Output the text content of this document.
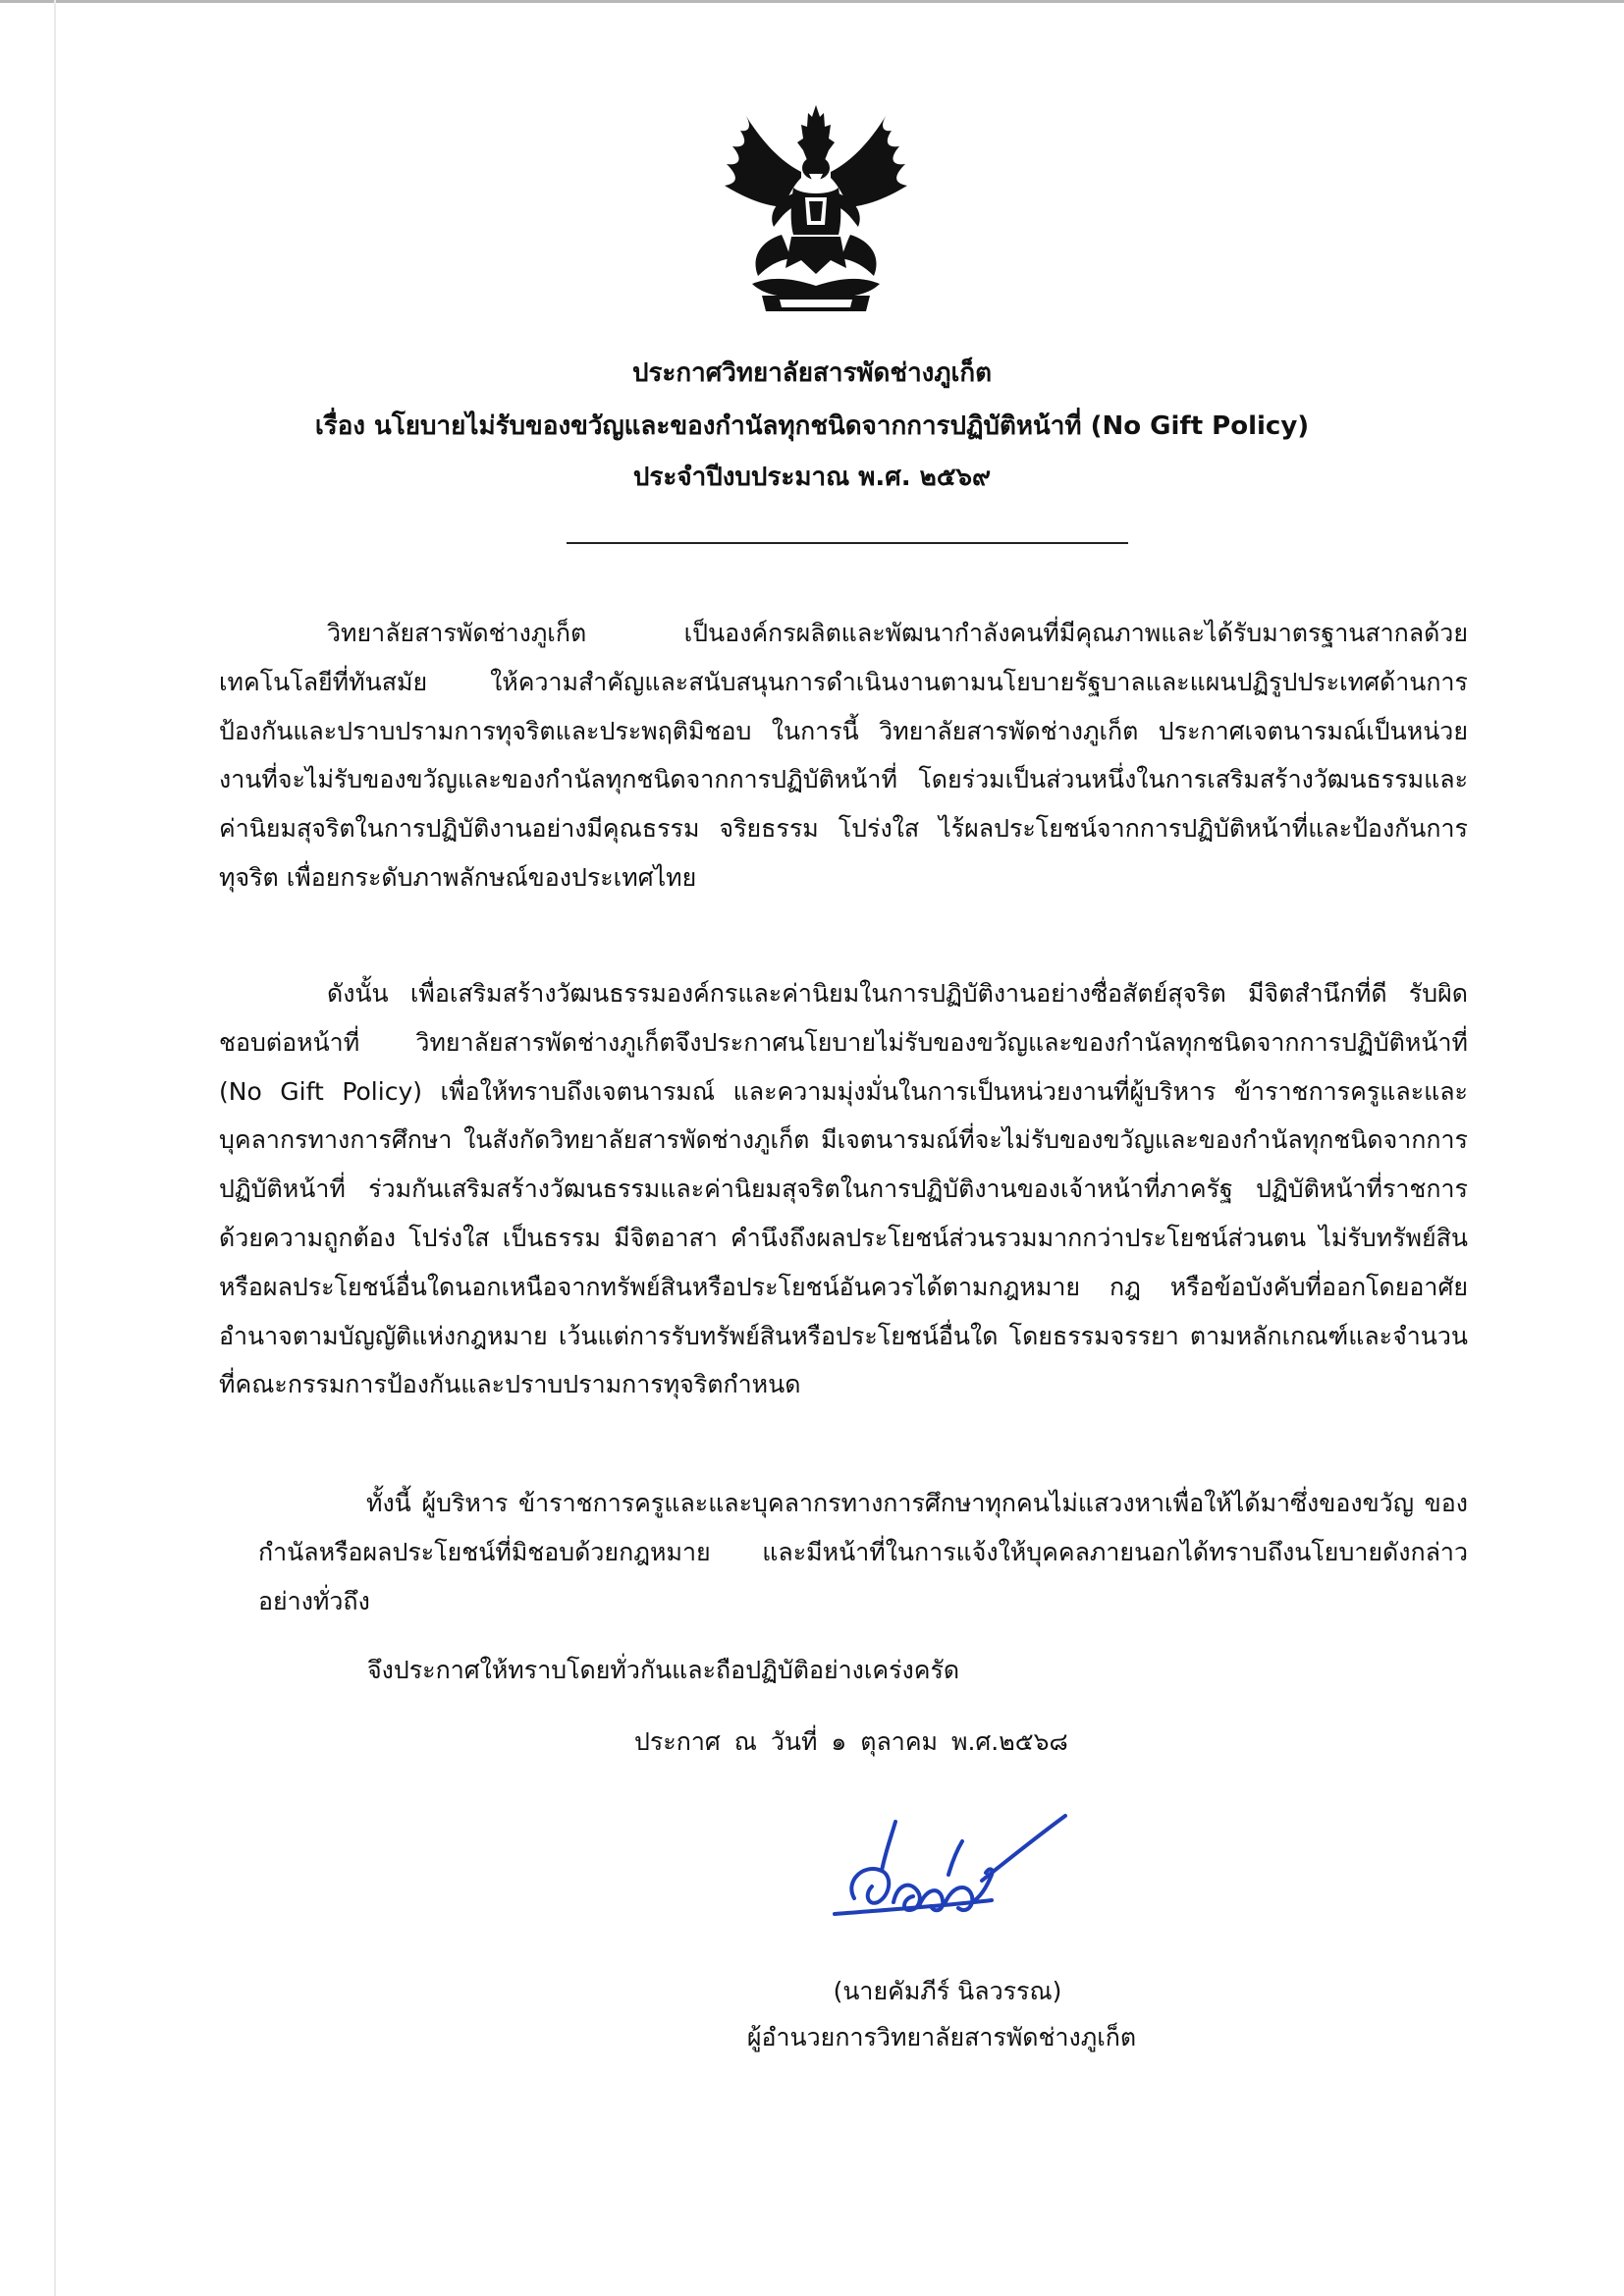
ประกาศวิทยาลัยสารพัดช่างภูเก็ต
เรื่อง นโยบายไม่รับของขวัญและของกำนัลทุกชนิดจากการปฏิบัติหน้าที่ (No Gift Policy)
ประจำปีงบประมาณ พ.ศ. ๒๕๖๙
วิทยาลัยสารพัดช่างภูเก็ต เป็นองค์กรผลิตและพัฒนากำลังคนที่มีคุณภาพและได้รับมาตรฐานสากลด้วยเทคโนโลยีที่ทันสมัย ให้ความสำคัญและสนับสนุนการดำเนินงานตามนโยบายรัฐบาลและแผนปฏิรูปประเทศด้านการป้องกันและปราบปรามการทุจริตและประพฤติมิชอบ ในการนี้ วิทยาลัยสารพัดช่างภูเก็ต ประกาศเจตนารมณ์เป็นหน่วยงานที่จะไม่รับของขวัญและของกำนัลทุกชนิดจากการปฏิบัติหน้าที่ โดยร่วมเป็นส่วนหนึ่งในการเสริมสร้างวัฒนธรรมและค่านิยมสุจริตในการปฏิบัติงานอย่างมีคุณธรรม จริยธรรม โปร่งใส ไร้ผลประโยชน์จากการปฏิบัติหน้าที่และป้องกันการทุจริต เพื่อยกระดับภาพลักษณ์ของประเทศไทย
ดังนั้น เพื่อเสริมสร้างวัฒนธรรมองค์กรและค่านิยมในการปฏิบัติงานอย่างซื่อสัตย์สุจริต มีจิตสำนึกที่ดี รับผิดชอบต่อหน้าที่ วิทยาลัยสารพัดช่างภูเก็ตจึงประกาศนโยบายไม่รับของขวัญและของกำนัลทุกชนิดจากการปฏิบัติหน้าที่ (No Gift Policy) เพื่อให้ทราบถึงเจตนารมณ์ และความมุ่งมั่นในการเป็นหน่วยงานที่ผู้บริหาร ข้าราชการครูและและบุคลากรทางการศึกษา ในสังกัดวิทยาลัยสารพัดช่างภูเก็ต มีเจตนารมณ์ที่จะไม่รับของขวัญและของกำนัลทุกชนิดจากการปฏิบัติหน้าที่ ร่วมกันเสริมสร้างวัฒนธรรมและค่านิยมสุจริตในการปฏิบัติงานของเจ้าหน้าที่ภาครัฐ ปฏิบัติหน้าที่ราชการด้วยความถูกต้อง โปร่งใส เป็นธรรม มีจิตอาสา คำนึงถึงผลประโยชน์ส่วนรวมมากกว่าประโยชน์ส่วนตน ไม่รับทรัพย์สินหรือผลประโยชน์อื่นใดนอกเหนือจากทรัพย์สินหรือประโยชน์อันควรได้ตามกฎหมาย กฎ หรือข้อบังคับที่ออกโดยอาศัยอำนาจตามบัญญัติแห่งกฎหมาย เว้นแต่การรับทรัพย์สินหรือประโยชน์อื่นใด โดยธรรมจรรยา ตามหลักเกณฑ์และจำนวนที่คณะกรรมการป้องกันและปราบปรามการทุจริตกำหนด
ทั้งนี้ ผู้บริหาร ข้าราชการครูและและบุคลากรทางการศึกษาทุกคนไม่แสวงหาเพื่อให้ได้มาซึ่งของขวัญ ของกำนัลหรือผลประโยชน์ที่มิชอบด้วยกฎหมาย และมีหน้าที่ในการแจ้งให้บุคคลภายนอกได้ทราบถึงนโยบายดังกล่าวอย่างทั่วถึง
จึงประกาศให้ทราบโดยทั่วกันและถือปฏิบัติอย่างเคร่งครัด
ประกาศ ณ วันที่ ๑ ตุลาคม พ.ศ.๒๕๖๘
(นายคัมภีร์ นิลวรรณ)
ผู้อำนวยการวิทยาลัยสารพัดช่างภูเก็ต
